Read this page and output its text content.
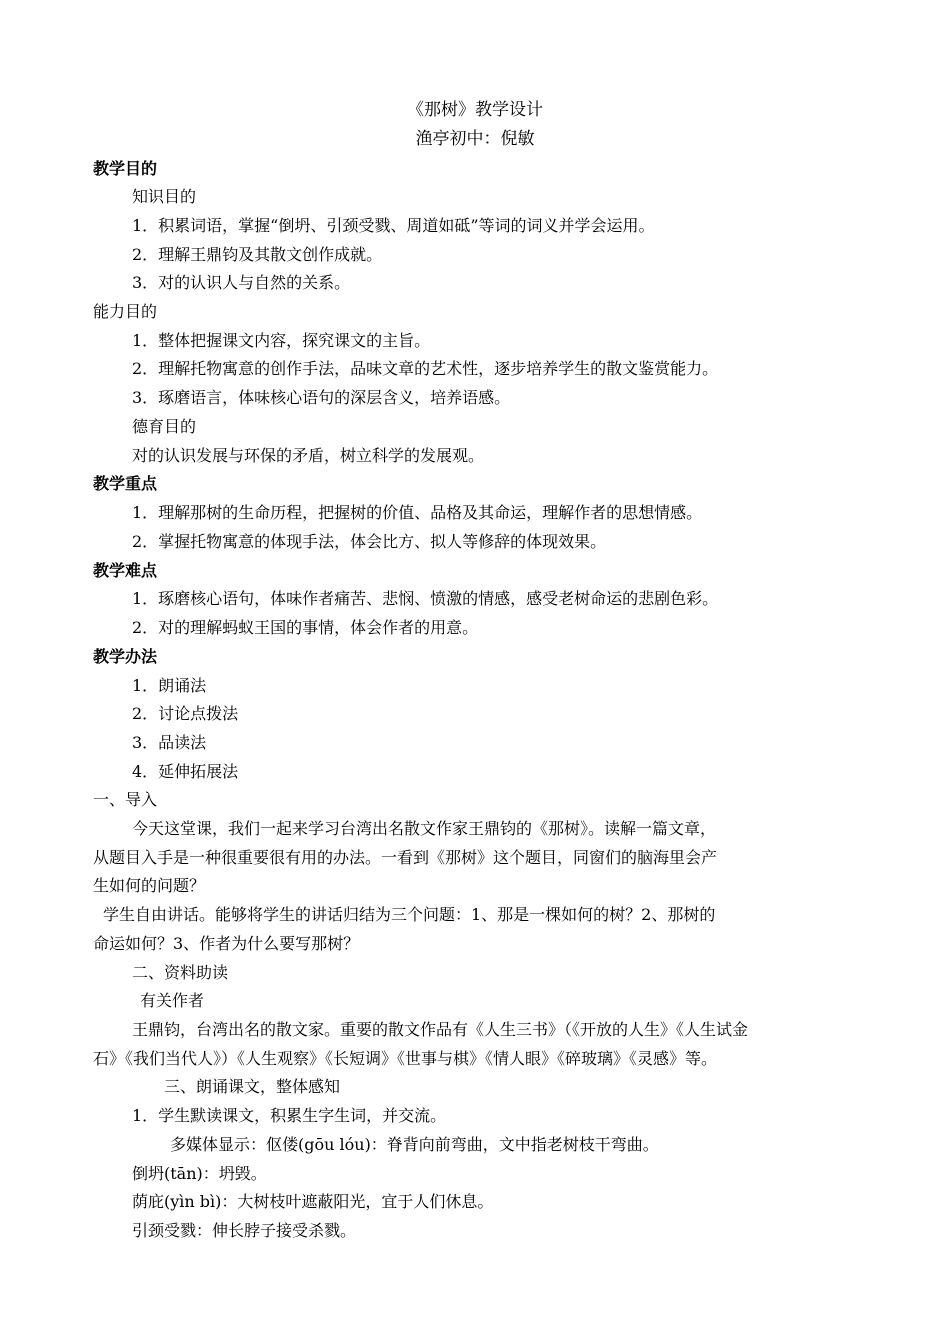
《那树》教学设计
渔亭初中：倪敏
教学目的
知识目的
1．积累词语，掌握“倒坍、引颈受戮、周道如砥”等词的词义并学会运用。
2．理解王鼎钧及其散文创作成就。
3．对的认识人与自然的关系。
能力目的
1．整体把握课文内容，探究课文的主旨。
2．理解托物寓意的创作手法，品味文章的艺术性，逐步培养学生的散文鉴赏能力。
3．琢磨语言，体味核心语句的深层含义，培养语感。
德育目的
对的认识发展与环保的矛盾，树立科学的发展观。
教学重点
1．理解那树的生命历程，把握树的价值、品格及其命运，理解作者的思想情感。
2．掌握托物寓意的体现手法，体会比方、拟人等修辞的体现效果。
教学难点
1．琢磨核心语句，体味作者痛苦、悲悯、愤激的情感，感受老树命运的悲剧色彩。
2．对的理解蚂蚁王国的事情，体会作者的用意。
教学办法
1．朗诵法
2．讨论点拨法
3．品读法
4．延伸拓展法
一、导入
今天这堂课，我们一起来学习台湾出名散文作家王鼎钧的《那树》。读解一篇文章，
从题目入手是一种很重要很有用的办法。一看到《那树》这个题目，同窗们的脑海里会产
生如何的问题？
学生自由讲话。能够将学生的讲话归结为三个问题：1、那是一棵如何的树？2、那树的
命运如何？3、作者为什么要写那树？
二、资料助读
有关作者
王鼎钧，台湾出名的散文家。重要的散文作品有《人生三书》（《开放的人生》《人生试金
石》《我们当代人》）《人生观察》《长短调》《世事与棋》《情人眼》《碎玻璃》《灵感》等。
三、朗诵课文，整体感知
1．学生默读课文，积累生字生词，并交流。
多媒体显示：伛偻(gōu lóu)：脊背向前弯曲，文中指老树枝干弯曲。
倒坍(tān)：坍毁。
荫庇(yìn bì)：大树枝叶遮蔽阳光，宜于人们休息。
引颈受戮：伸长脖子接受杀戮。
